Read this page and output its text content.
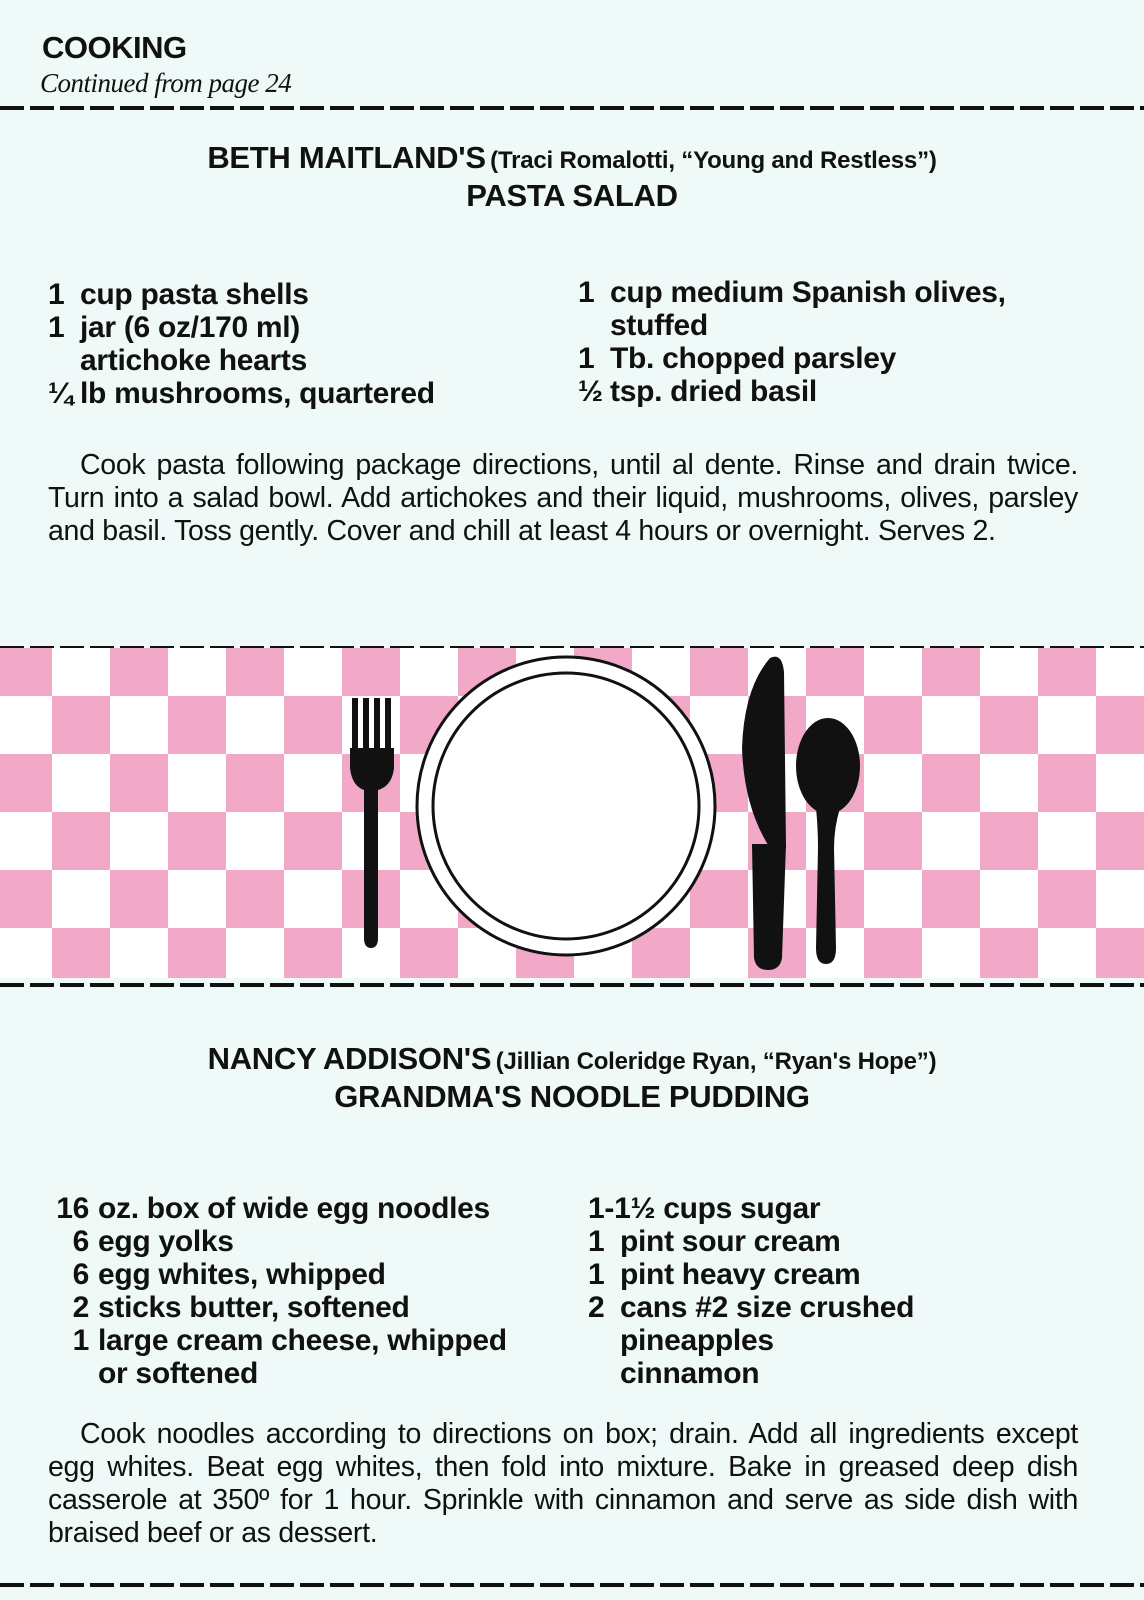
COOKING
Continued from page 24
BETH MAITLAND'S (Traci Romalotti, “Young and Restless”)
PASTA SALAD
1 cup pasta shells
1 jar (6 oz/170 ml)
artichoke hearts
¼ lb mushrooms, quartered
1 cup medium Spanish olives,
stuffed
1 Tb. chopped parsley
½ tsp. dried basil
Cook pasta following package directions, until al dente. Rinse and drain twice. Turn into a salad bowl. Add artichokes and their liquid, mushrooms, olives, parsley and basil. Toss gently. Cover and chill at least 4 hours or overnight. Serves 2.
NANCY ADDISON'S (Jillian Coleridge Ryan, “Ryan's Hope”)
GRANDMA'S NOODLE PUDDING
16 oz. box of wide egg noodles
6 egg yolks
6 egg whites, whipped
2 sticks butter, softened
1 large cream cheese, whipped
or softened
1-1½ cups sugar
1 pint sour cream
1 pint heavy cream
2 cans #2 size crushed
pineapples
cinnamon
Cook noodles according to directions on box; drain. Add all ingredients except egg whites. Beat egg whites, then fold into mixture. Bake in greased deep dish casserole at 350º for 1 hour. Sprinkle with cinnamon and serve as side dish with braised beef or as dessert.
